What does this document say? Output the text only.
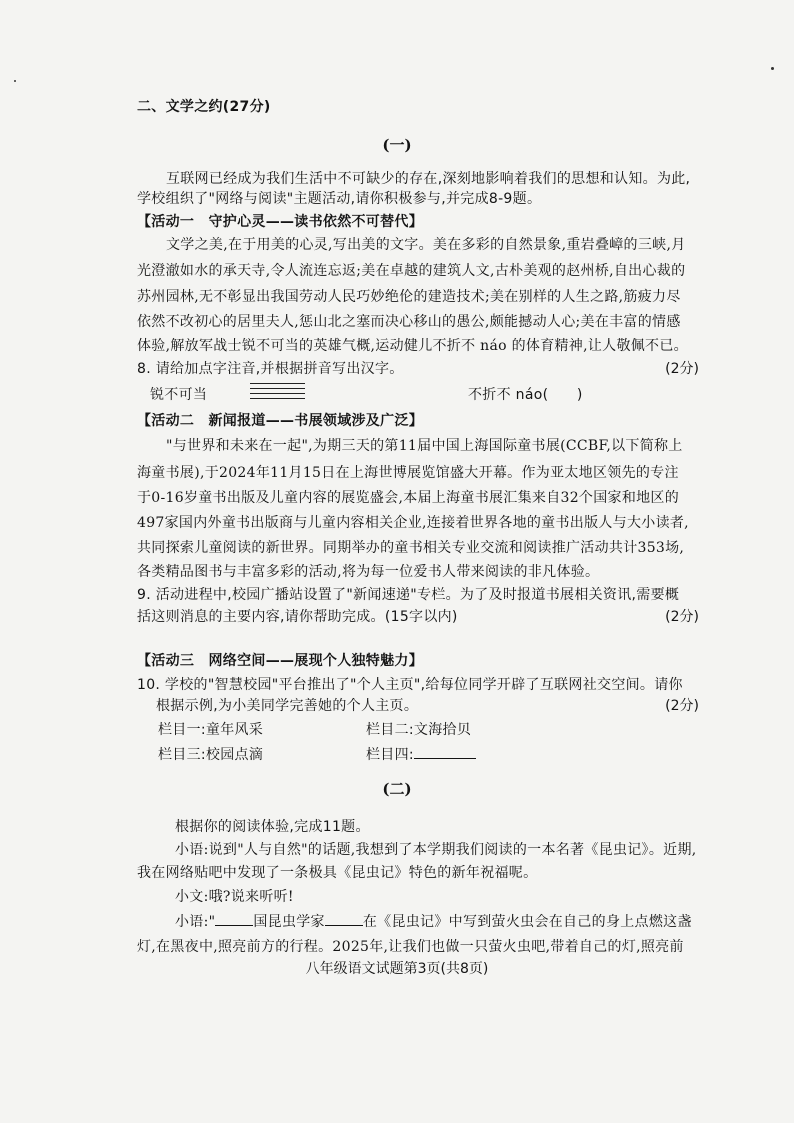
二、文学之约(27分)
(一)
互联网已经成为我们生活中不可缺少的存在,深刻地影响着我们的思想和认知。为此,
学校组织了"网络与阅读"主题活动,请你积极参与,并完成8-9题。
【活动一　守护心灵——读书依然不可替代】
文学之美,在于用美的心灵,写出美的文字。美在多彩的自然景象,重岩叠嶂的三峡,月
光澄澈如水的承天寺,令人流连忘返;美在卓越的建筑人文,古朴美观的赵州桥,自出心裁的
苏州园林,无不彰显出我国劳动人民巧妙绝伦的建造技术;美在别样的人生之路,筋疲力尽
依然不改初心的居里夫人,惩山北之塞而决心移山的愚公,颇能撼动人心;美在丰富的情感
体验,解放军战士锐不可当的英雄气概,运动健儿不折不 náo 的体育精神,让人敬佩不已。
8. 请给加点字注音,并根据拼音写出汉字。	(2分)
锐不可当	不折不 náo(　　)
【活动二　新闻报道——书展领域涉及广泛】
"与世界和未来在一起",为期三天的第11届中国上海国际童书展(CCBF,以下简称上
海童书展),于2024年11月15日在上海世博展览馆盛大开幕。作为亚太地区领先的专注
于0-16岁童书出版及儿童内容的展览盛会,本届上海童书展汇集来自32个国家和地区的
497家国内外童书出版商与儿童内容相关企业,连接着世界各地的童书出版人与大小读者,
共同探索儿童阅读的新世界。同期举办的童书相关专业交流和阅读推广活动共计353场,
各类精品图书与丰富多彩的活动,将为每一位爱书人带来阅读的非凡体验。
9. 活动进程中,校园广播站设置了"新闻速递"专栏。为了及时报道书展相关资讯,需要概
括这则消息的主要内容,请你帮助完成。(15字以内)	(2分)
【活动三　网络空间——展现个人独特魅力】
10. 学校的"智慧校园"平台推出了"个人主页",给每位同学开辟了互联网社交空间。请你
根据示例,为小美同学完善她的个人主页。	(2分)
栏目一:童年风采	栏目二:文海拾贝
栏目三:校园点滴	栏目四:
(二)
根据你的阅读体验,完成11题。
小语:说到"人与自然"的话题,我想到了本学期我们阅读的一本名著《昆虫记》。近期,
我在网络贴吧中发现了一条极具《昆虫记》特色的新年祝福呢。
小文:哦?说来听听!
小语:"	国昆虫学家	在《昆虫记》中写到萤火虫会在自己的身上点燃这盏
灯,在黑夜中,照亮前方的行程。2025年,让我们也做一只萤火虫吧,带着自己的灯,照亮前
八年级语文试题第3页(共8页)
